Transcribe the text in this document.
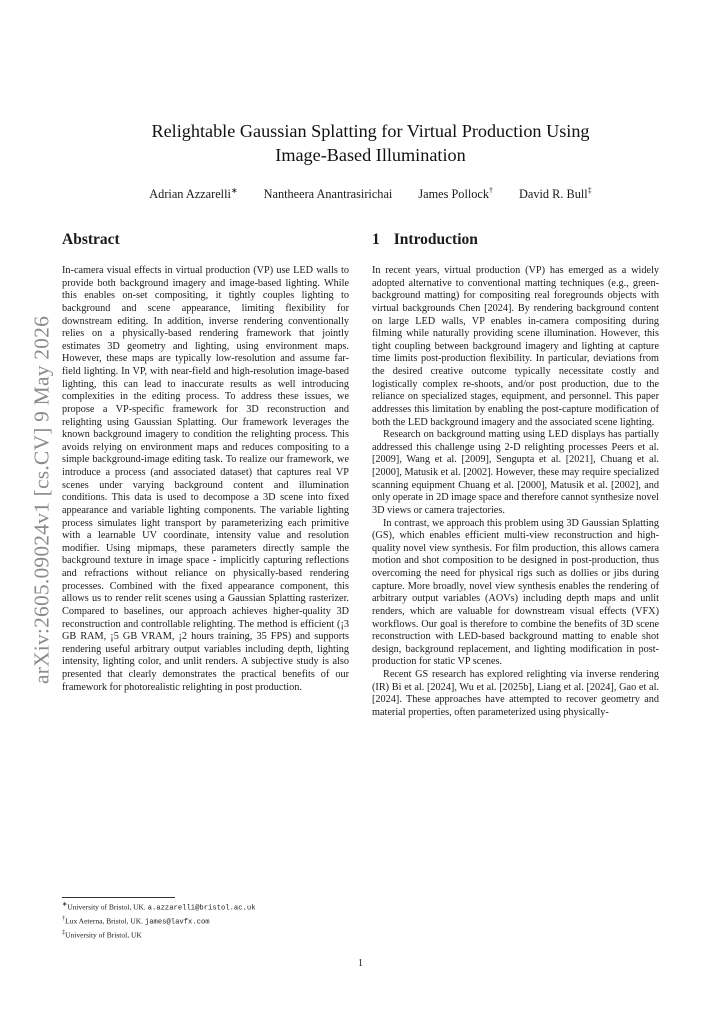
arXiv:2605.09024v1 [cs.CV] 9 May 2026
Relightable Gaussian Splatting for Virtual Production Using
Image-Based Illumination
Adrian Azzarelli∗ Nantheera Anantrasirichai James Pollock† David R. Bull‡
Abstract

In-camera visual effects in virtual production (VP) use LED walls to provide both background imagery and image-based lighting. While this enables on-set compositing, it tightly couples lighting to background and scene appearance, limiting flexibility for downstream editing. In addition, inverse rendering conventionally relies on a physically-based rendering framework that jointly estimates 3D geometry and lighting, using environment maps. However, these maps are typically low-resolution and assume far-field lighting. In VP, with near-field and high-resolution image-based lighting, this can lead to inaccurate results as well introducing complexities in the editing process. To address these issues, we propose a VP-specific framework for 3D reconstruction and relighting using Gaussian Splatting. Our framework leverages the known background imagery to condition the relighting process. This avoids relying on environment maps and reduces compositing to a simple background-image editing task. To realize our framework, we introduce a process (and associated dataset) that captures real VP scenes under varying background content and illumination conditions. This data is used to decompose a 3D scene into fixed appearance and variable lighting components. The variable lighting process simulates light transport by parameterizing each primitive with a learnable UV coordinate, intensity value and resolution modifier. Using mipmaps, these parameters directly sample the background texture in image space - implicitly capturing reflections and refractions without reliance on physically-based rendering processes. Combined with the fixed appearance component, this allows us to render relit scenes using a Gaussian Splatting rasterizer. Compared to baselines, our approach achieves higher-quality 3D reconstruction and controllable relighting. The method is efficient (¡3 GB RAM, ¡5 GB VRAM, ¡2 hours training, 35 FPS) and supports rendering useful arbitrary output variables including depth, lighting intensity, lighting color, and unlit renders. A subjective study is also presented that clearly demonstrates the practical benefits of our framework for photorealistic relighting in post production.

1 Introduction

In recent years, virtual production (VP) has emerged as a widely adopted alternative to conventional matting techniques (e.g., green-background matting) for compositing real foregrounds objects with virtual backgrounds Chen [2024]. By rendering background content on large LED walls, VP enables in-camera compositing during filming while naturally providing scene illumination. However, this tight coupling between background imagery and lighting at capture time limits post-production flexibility. In particular, deviations from the desired creative outcome typically necessitate costly and logistically complex re-shoots, and/or post production, due to the reliance on specialized stages, equipment, and personnel. This paper addresses this limitation by enabling the post-capture modification of both the LED background imagery and the associated scene lighting.

Research on background matting using LED displays has partially addressed this challenge using 2-D relighting processes Peers et al. [2009], Wang et al. [2009], Sengupta et al. [2021], Chuang et al. [2000], Matusik et al. [2002]. However, these may require specialized scanning equipment Chuang et al. [2000], Matusik et al. [2002], and only operate in 2D image space and therefore cannot synthesize novel 3D views or camera trajectories.

In contrast, we approach this problem using 3D Gaussian Splatting (GS), which enables efficient multi-view reconstruction and high-quality novel view synthesis. For film production, this allows camera motion and shot composition to be designed in post-production, thus overcoming the need for physical rigs such as dollies or jibs during capture. More broadly, novel view synthesis enables the rendering of arbitrary output variables (AOVs) including depth maps and unlit renders, which are valuable for downstream visual effects (VFX) workflows. Our goal is therefore to combine the benefits of 3D scene reconstruction with LED-based background matting to enable shot design, background replacement, and lighting modification in post-production for static VP scenes.

Recent GS research has explored relighting via inverse rendering (IR) Bi et al. [2024], Wu et al. [2025b], Liang et al. [2024], Gao et al. [2024]. These approaches have attempted to recover geometry and material properties, often parameterized using physically-

∗University of Bristol, UK. a.azzarelli@bristol.ac.uk
†Lux Aeterna, Bristol, UK. james@lavfx.com
‡University of Bristol, UK
1
